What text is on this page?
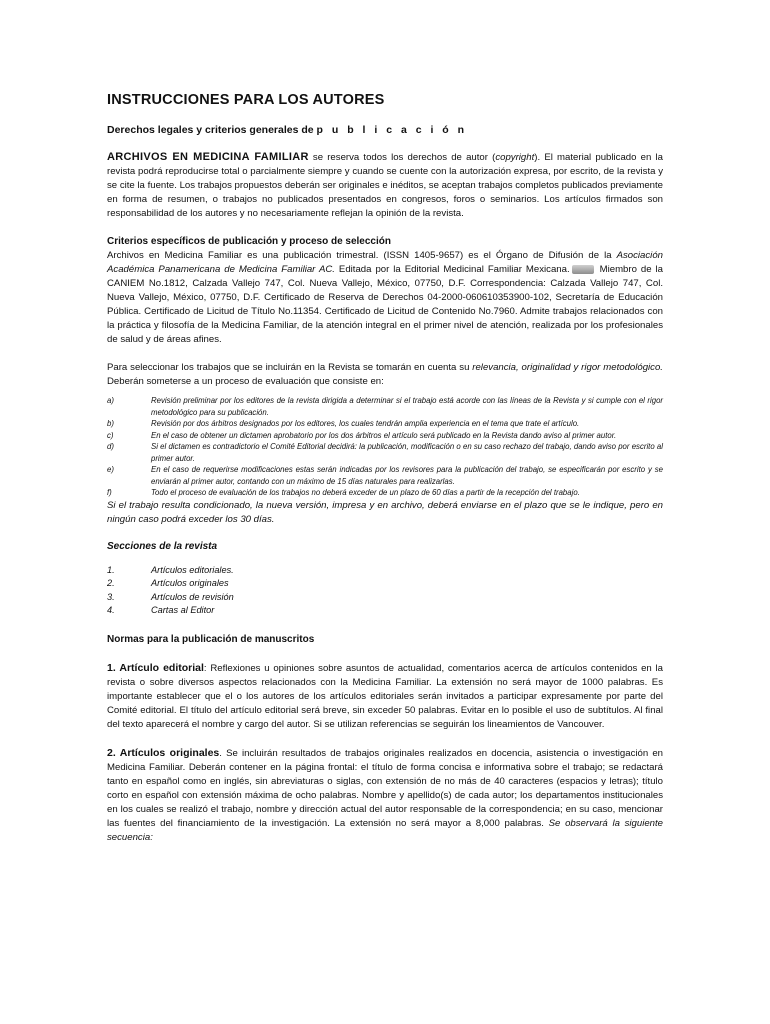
INSTRUCCIONES PARA LOS AUTORES
Derechos legales y criterios generales de p u b l i c a c i ó n

ARCHIVOS EN MEDICINA FAMILIAR se reserva todos los derechos de autor (copyright). El material publicado en la revista podrá reproducirse total o parcialmente siempre y cuando se cuente con la autorización expresa, por escrito, de la revista y se cite la fuente. Los trabajos propuestos deberán ser originales e inéditos, se aceptan trabajos completos publicados previamente en forma de resumen, o trabajos no publicados presentados en congresos, foros o seminarios. Los artículos firmados son responsabilidad de los autores y no necesariamente reflejan la opinión de la revista.

Criterios específicos de publicación y proceso de selección

Archivos en Medicina Familiar es una publicación trimestral. (ISSN 1405-9657) es el Órgano de Difusión de la Asociación Académica Panamericana de Medicina Familiar AC. Editada por la Editorial Medicinal Familiar Mexicana.	Miembro de la CANIEM No.1812, Calzada Vallejo 747, Col. Nueva Vallejo, México, 07750, D.F. Correspondencia: Calzada Vallejo 747, Col. Nueva Vallejo, México, 07750, D.F. Certificado de Reserva de Derechos 04-2000-060610353900-102, Secretaría de Educación Pública. Certificado de Licitud de Título No.11354. Certificado de Licitud de Contenido No.7960. Admite trabajos relacionados con la práctica y filosofía de la Medicina Familiar, de la atención integral en el primer nivel de atención, realizada por los profesionales de salud y de áreas afines.

Para seleccionar los trabajos que se incluirán en la Revista se tomarán en cuenta su relevancia, originalidad y rigor metodológico. Deberán someterse a un proceso de evaluación que consiste en:

a)	Revisión preliminar por los editores de la revista dirigida a determinar si el trabajo está acorde con las líneas de la Revista y si cumple con el rigor metodológico para su publicación.
b)	Revisión por dos árbitros designados por los editores, los cuales tendrán amplia experiencia en el tema que trate el artículo.
c)	En el caso de obtener un dictamen aprobatorio por los dos árbitros el artículo será publicado en la Revista dando aviso al primer autor.
d)	Si el dictamen es contradictorio el Comité Editorial decidirá: la publicación, modificación o en su caso rechazo del trabajo, dando aviso por escrito al primer autor.
e)	En el caso de requerirse modificaciones estas serán indicadas por los revisores para la publicación del trabajo, se especificarán por escrito y se enviarán al primer autor, contando con un máximo de 15 días naturales para realizarlas.
f)	Todo el proceso de evaluación de los trabajos no deberá exceder de un plazo de 60 días a partir de la recepción del trabajo.
Si el trabajo resulta condicionado, la nueva versión, impresa y en archivo, deberá enviarse en el plazo que se le indique, pero en ningún caso podrá exceder los 30 días.
Secciones de la revista
1.	Artículos editoriales.
2.	Artículos originales
3.	Artículos de revisión
4.	Cartas al Editor
Normas para la publicación de manuscritos

1. Artículo editorial: Reflexiones u opiniones sobre asuntos de actualidad, comentarios acerca de artículos contenidos en la revista o sobre diversos aspectos relacionados con la Medicina Familiar. La extensión no será mayor de 1000 palabras. Es importante establecer que el o los autores de los artículos editoriales serán invitados a participar expresamente por parte del Comité editorial. El título del artículo editorial será breve, sin exceder 50 palabras. Evitar en lo posible el uso de subtítulos. Al final del texto aparecerá el nombre y cargo del autor. Si se utilizan referencias se seguirán los lineamientos de Vancouver.

2. Artículos originales. Se incluirán resultados de trabajos originales realizados en docencia, asistencia o investigación en Medicina Familiar. Deberán contener en la página frontal: el título de forma concisa e informativa sobre el trabajo; se redactará tanto en español como en inglés, sin abreviaturas o siglas, con extensión de no más de 40 caracteres (espacios y letras); título corto en español con extensión máxima de ocho palabras. Nombre y apellido(s) de cada autor; los departamentos institucionales en los cuales se realizó el trabajo, nombre y dirección actual del autor responsable de la correspondencia; en su caso, mencionar las fuentes del financiamiento de la investigación. La extensión no será mayor a 8,000 palabras. Se observará la siguiente secuencia:
